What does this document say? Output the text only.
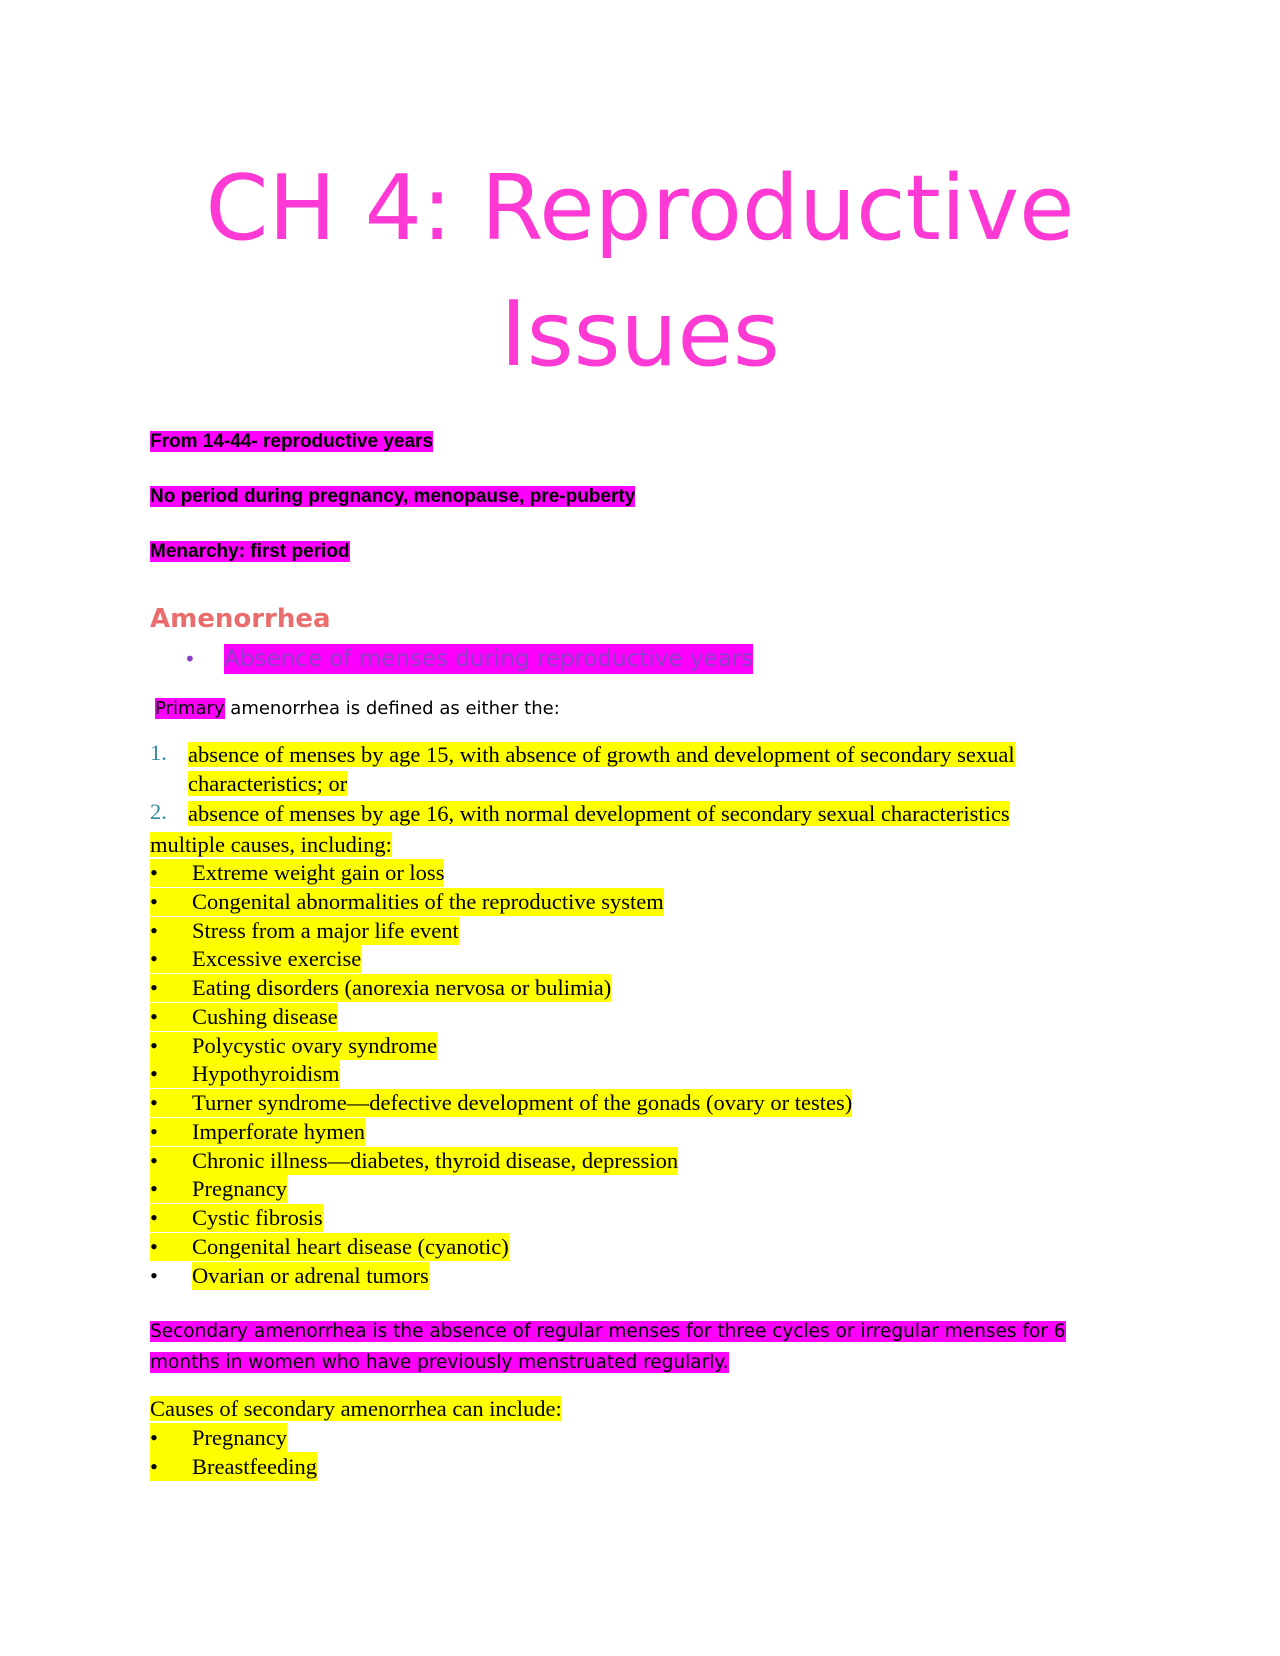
CH 4: Reproductive
Issues
From 14-44- reproductive years
No period during pregnancy, menopause, pre-puberty
Menarchy: first period
Amenorrhea
• Absence of menses during reproductive years
Primary amenorrhea is defined as either the:
1. absence of menses by age 15, with absence of growth and development of secondary sexual
characteristics; or
2. absence of menses by age 16, with normal development of secondary sexual characteristics
multiple causes, including:
•	Extreme weight gain or loss
•	Congenital abnormalities of the reproductive system
•	Stress from a major life event
•	Excessive exercise
•	Eating disorders (anorexia nervosa or bulimia)
•	Cushing disease
•	Polycystic ovary syndrome
•	Hypothyroidism
•	Turner syndrome—defective development of the gonads (ovary or testes)
•	Imperforate hymen
•	Chronic illness—diabetes, thyroid disease, depression
•	Pregnancy
•	Cystic fibrosis
•	Congenital heart disease (cyanotic)
•	Ovarian or adrenal tumors
Secondary amenorrhea is the absence of regular menses for three cycles or irregular menses for 6
months in women who have previously menstruated regularly.
Causes of secondary amenorrhea can include:
•	Pregnancy
•	Breastfeeding
